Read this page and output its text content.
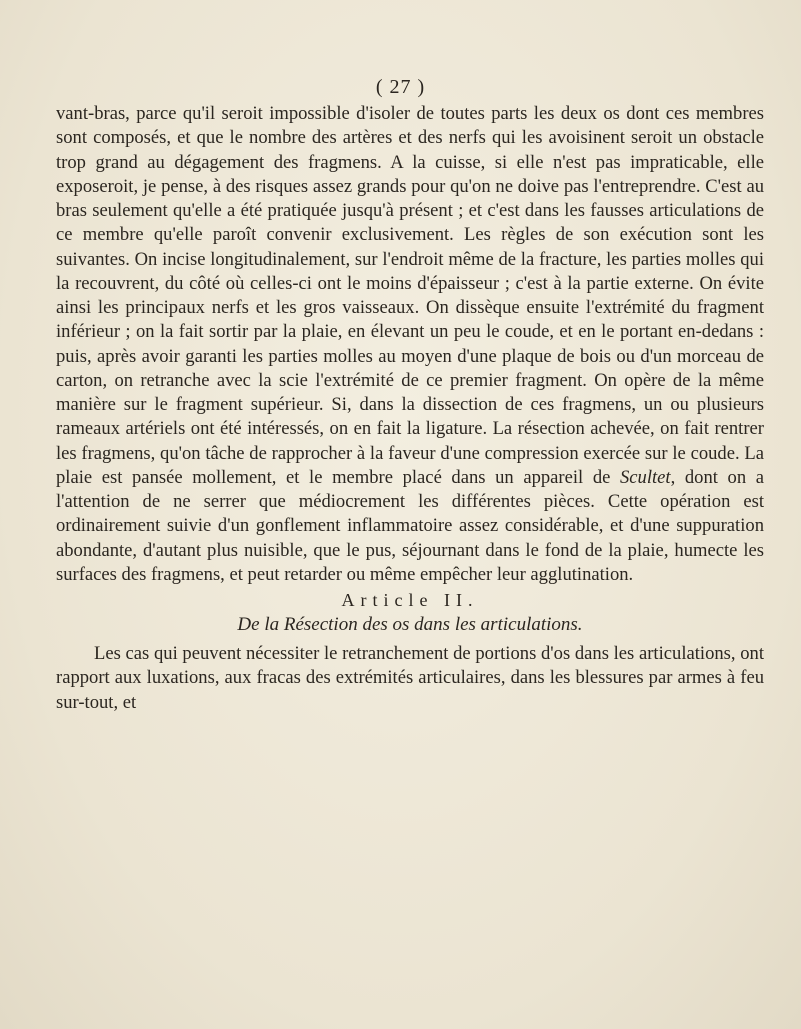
( 27 )

vant-bras, parce qu'il seroit impossible d'isoler de toutes parts les deux os dont ces membres sont composés, et que le nombre des artères et des nerfs qui les avoisinent seroit un obstacle trop grand au dégagement des fragmens. A la cuisse, si elle n'est pas impraticable, elle exposeroit, je pense, à des risques assez grands pour qu'on ne doive pas l'entreprendre. C'est au bras seulement qu'elle a été pratiquée jusqu'à présent ; et c'est dans les fausses articulations de ce membre qu'elle paroît convenir exclusivement. Les règles de son exécution sont les suivantes. On incise longitudinalement, sur l'endroit même de la fracture, les parties molles qui la recouvrent, du côté où celles-ci ont le moins d'épaisseur ; c'est à la partie externe. On évite ainsi les principaux nerfs et les gros vaisseaux. On dissèque ensuite l'extrémité du fragment inférieur ; on la fait sortir par la plaie, en élevant un peu le coude, et en le portant en-dedans : puis, après avoir garanti les parties molles au moyen d'une plaque de bois ou d'un morceau de carton, on retranche avec la scie l'extrémité de ce premier fragment. On opère de la même manière sur le fragment supérieur. Si, dans la dissection de ces fragmens, un ou plusieurs rameaux artériels ont été intéressés, on en fait la ligature. La résection achevée, on fait rentrer les fragmens, qu'on tâche de rapprocher à la faveur d'une compression exercée sur le coude. La plaie est pansée mollement, et le membre placé dans un appareil de Scultet, dont on a l'attention de ne serrer que médiocrement les différentes pièces. Cette opération est ordinairement suivie d'un gonflement inflammatoire assez considérable, et d'une suppuration abondante, d'autant plus nuisible, que le pus, séjournant dans le fond de la plaie, humecte les surfaces des fragmens, et peut retarder ou même empêcher leur agglutination.

Article II.
De la Résection des os dans les articulations.

Les cas qui peuvent nécessiter le retranchement de portions d'os dans les articulations, ont rapport aux luxations, aux fracas des extrémités articulaires, dans les blessures par armes à feu sur-tout, et
